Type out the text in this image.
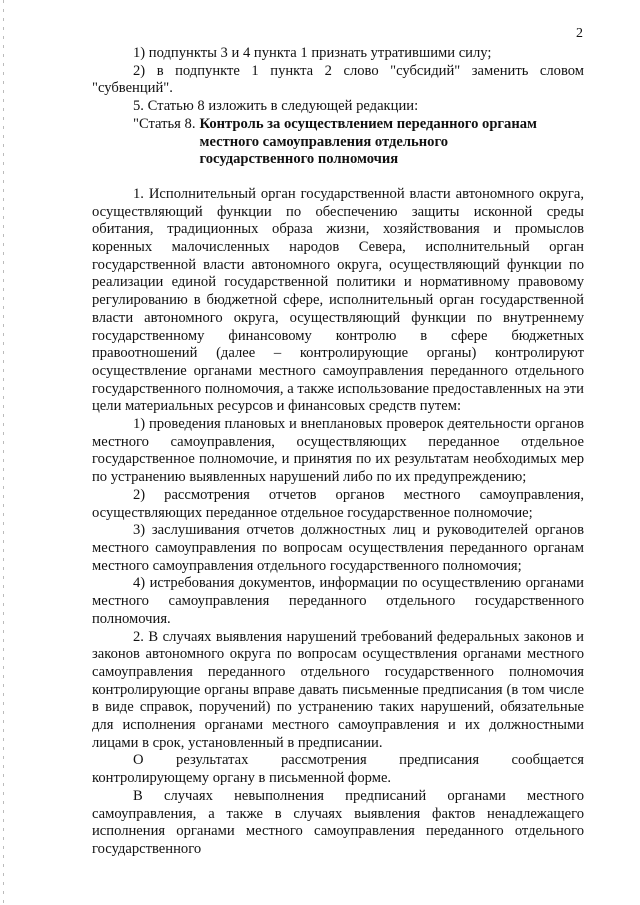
2

1) подпункты 3 и 4 пункта 1 признать утратившими силу;

2) в подпункте 1 пункта 2 слово "субсидий" заменить словом "субвенций".

5. Статью 8 изложить в следующей редакции:

"Статья 8. Контроль за осуществлением переданного органам
местного самоуправления отдельного
государственного полномочия

1. Исполнительный орган государственной власти автономного округа, осуществляющий функции по обеспечению защиты исконной среды обитания, традиционных образа жизни, хозяйствования и промыслов коренных малочисленных народов Севера, исполнительный орган государственной власти автономного округа, осуществляющий функции по реализации единой государственной политики и нормативному правовому регулированию в бюджетной сфере, исполнительный орган государственной власти автономного округа, осуществляющий функции по внутреннему государственному финансовому контролю в сфере бюджетных правоотношений (далее – контролирующие органы) контролируют осуществление органами местного самоуправления переданного отдельного государственного полномочия, а также использование предоставленных на эти цели материальных ресурсов и финансовых средств путем:

1) проведения плановых и внеплановых проверок деятельности органов местного самоуправления, осуществляющих переданное отдельное государственное полномочие, и принятия по их результатам необходимых мер по устранению выявленных нарушений либо по их предупреждению;

2) рассмотрения отчетов органов местного самоуправления, осуществляющих переданное отдельное государственное полномочие;

3) заслушивания отчетов должностных лиц и руководителей органов местного самоуправления по вопросам осуществления переданного органам местного самоуправления отдельного государственного полномочия;

4) истребования документов, информации по осуществлению органами местного самоуправления переданного отдельного государственного полномочия.

2. В случаях выявления нарушений требований федеральных законов и законов автономного округа по вопросам осуществления органами местного самоуправления переданного отдельного государственного полномочия контролирующие органы вправе давать письменные предписания (в том числе в виде справок, поручений) по устранению таких нарушений, обязательные для исполнения органами местного самоуправления и их должностными лицами в срок, установленный в предписании.

О результатах рассмотрения предписания сообщается контролирующему органу в письменной форме.

В случаях невыполнения предписаний органами местного самоуправления, а также в случаях выявления фактов ненадлежащего исполнения органами местного самоуправления переданного отдельного государственного
